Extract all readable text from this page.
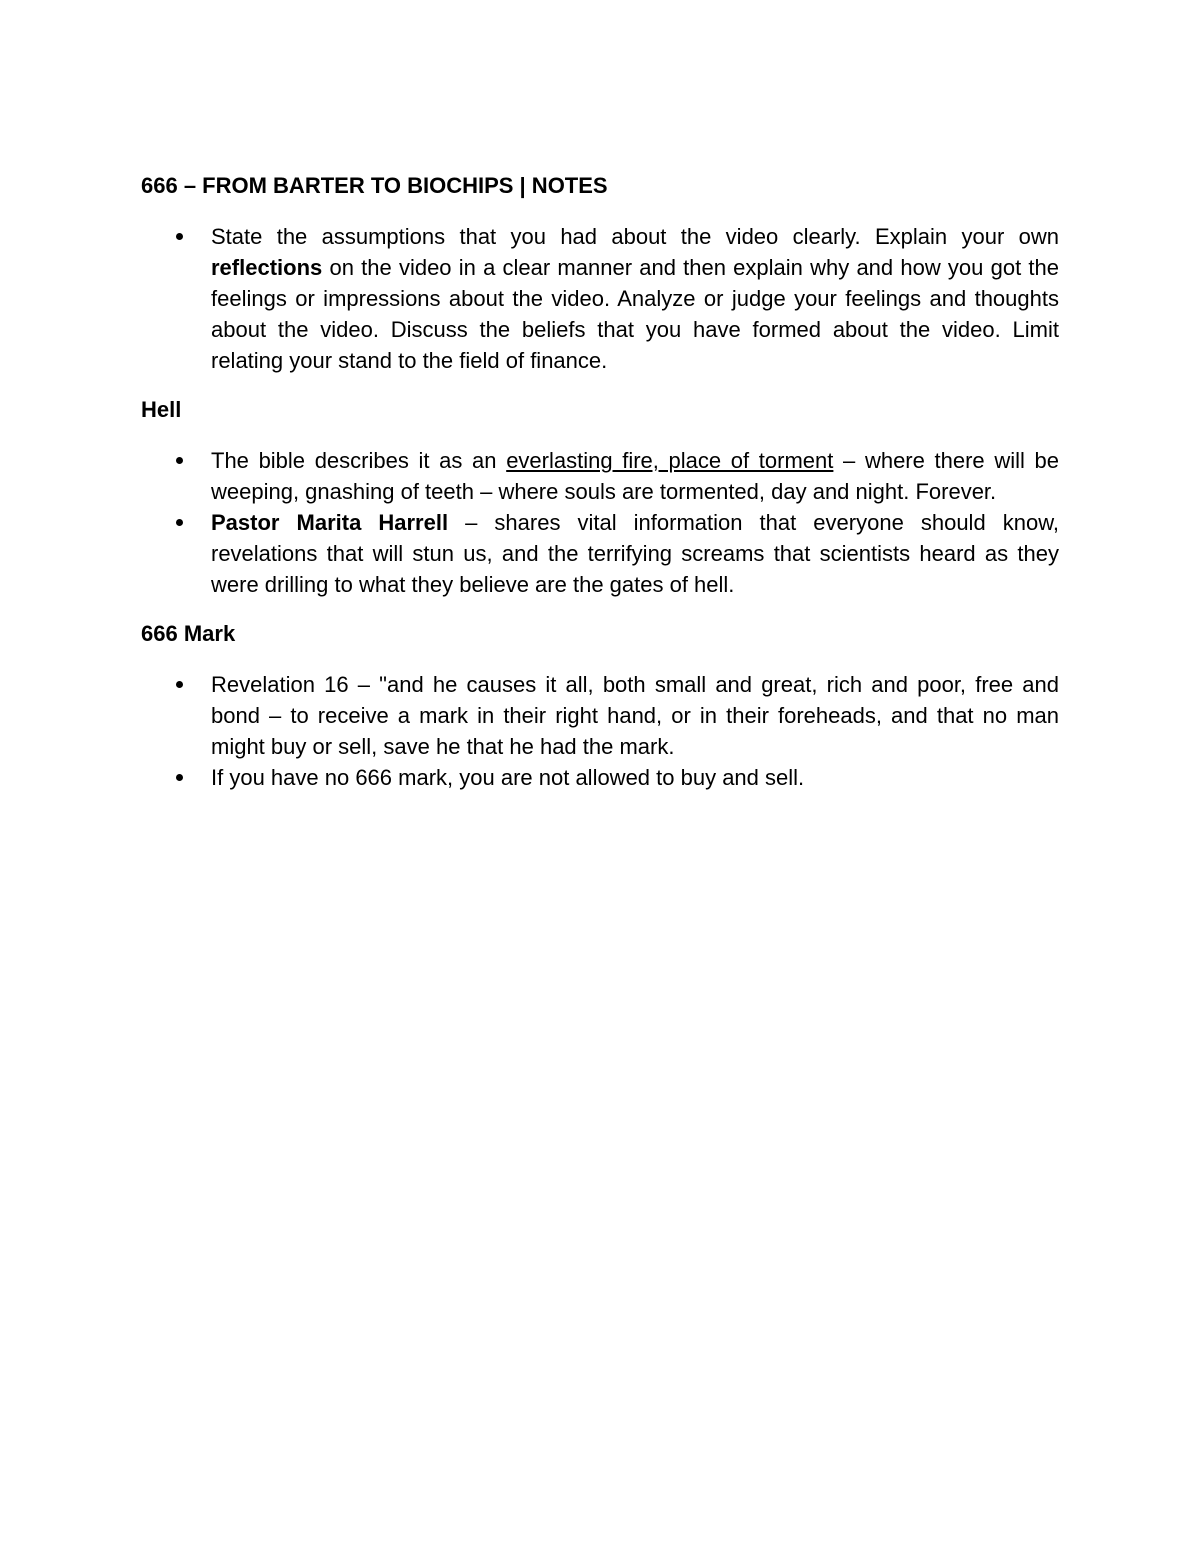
666 – FROM BARTER TO BIOCHIPS | NOTES

State the assumptions that you had about the video clearly. Explain your own reflections on the video in a clear manner and then explain why and how you got the feelings or impressions about the video. Analyze or judge your feelings and thoughts about the video. Discuss the beliefs that you have formed about the video. Limit relating your stand to the field of finance.

Hell

The bible describes it as an everlasting fire, place of torment – where there will be weeping, gnashing of teeth – where souls are tormented, day and night. Forever.
Pastor Marita Harrell – shares vital information that everyone should know, revelations that will stun us, and the terrifying screams that scientists heard as they were drilling to what they believe are the gates of hell.

666 Mark

Revelation 16 – "and he causes it all, both small and great, rich and poor, free and bond – to receive a mark in their right hand, or in their foreheads, and that no man might buy or sell, save he that he had the mark.
If you have no 666 mark, you are not allowed to buy and sell.
